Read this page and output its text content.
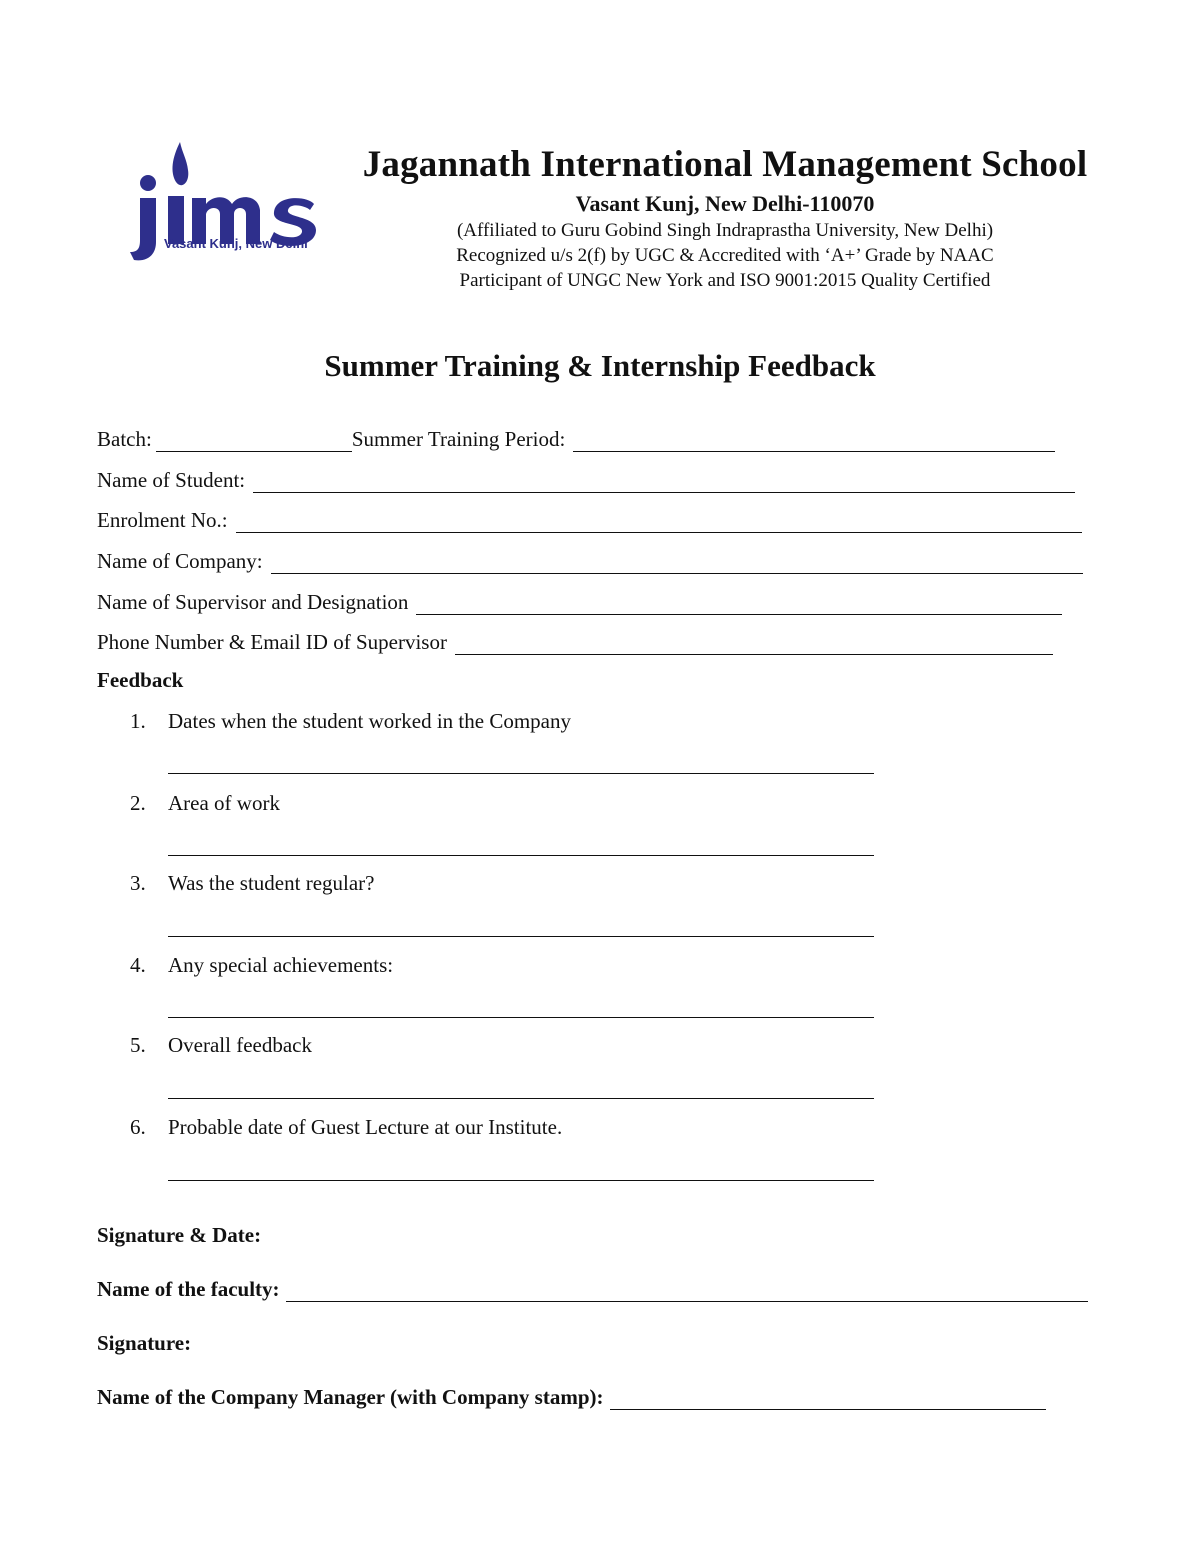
Vasant Kunj, New Delhi
Jagannath International Management School
Vasant Kunj, New Delhi-110070
(Affiliated to Guru Gobind Singh Indraprastha University, New Delhi)
Recognized u/s 2(f) by UGC & Accredited with ‘A+’ Grade by NAAC
Participant of UNGC New York and ISO 9001:2015 Quality Certified
Summer Training & Internship Feedback
Batch:	Summer Training Period:
Name of Student:
Enrolment No.:
Name of Company:
Name of Supervisor and Designation
Phone Number & Email ID of Supervisor
Feedback
1. Dates when the student worked in the Company
2. Area of work
3. Was the student regular?
4. Any special achievements:
5. Overall feedback
6. Probable date of Guest Lecture at our Institute.
Signature & Date:
Name of the faculty:
Signature:
Name of the Company Manager (with Company stamp):
